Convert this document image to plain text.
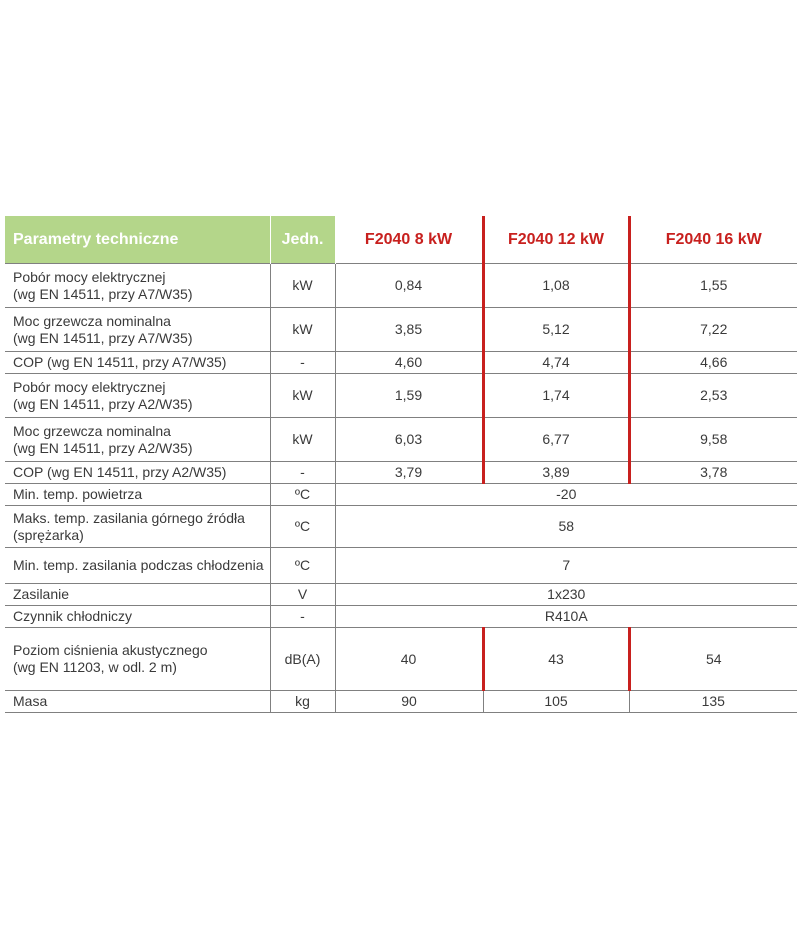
Parametry techniczne	Jedn.	F2040 8 kW	F2040 12 kW	F2040 16 kW

Pobór mocy elektrycznej
(wg EN 14511, przy A7/W35)	kW	0,84	1,08	1,55

Moc grzewcza nominalna
(wg EN 14511, przy A7/W35)	kW	3,85	5,12	7,22
COP (wg EN 14511, przy A7/W35)	-	4,60	4,74	4,66

Pobór mocy elektrycznej
(wg EN 14511, przy A2/W35)	kW	1,59	1,74	2,53

Moc grzewcza nominalna
(wg EN 14511, przy A2/W35)	kW	6,03	6,77	9,58
COP (wg EN 14511, przy A2/W35)	-	3,79	3,89	3,78
Min. temp. powietrza	ºC	-20		

Maks. temp. zasilania górnego źródła
(sprężarka)	ºC	58		
Min. temp. zasilania podczas chłodzenia	ºC	7		
Zasilanie	V	1x230		
Czynnik chłodniczy	-	R410A		

Poziom ciśnienia akustycznego
(wg EN 11203, w odl. 2 m)	dB(A)	40	43	54
Masa	kg	90	105	135
